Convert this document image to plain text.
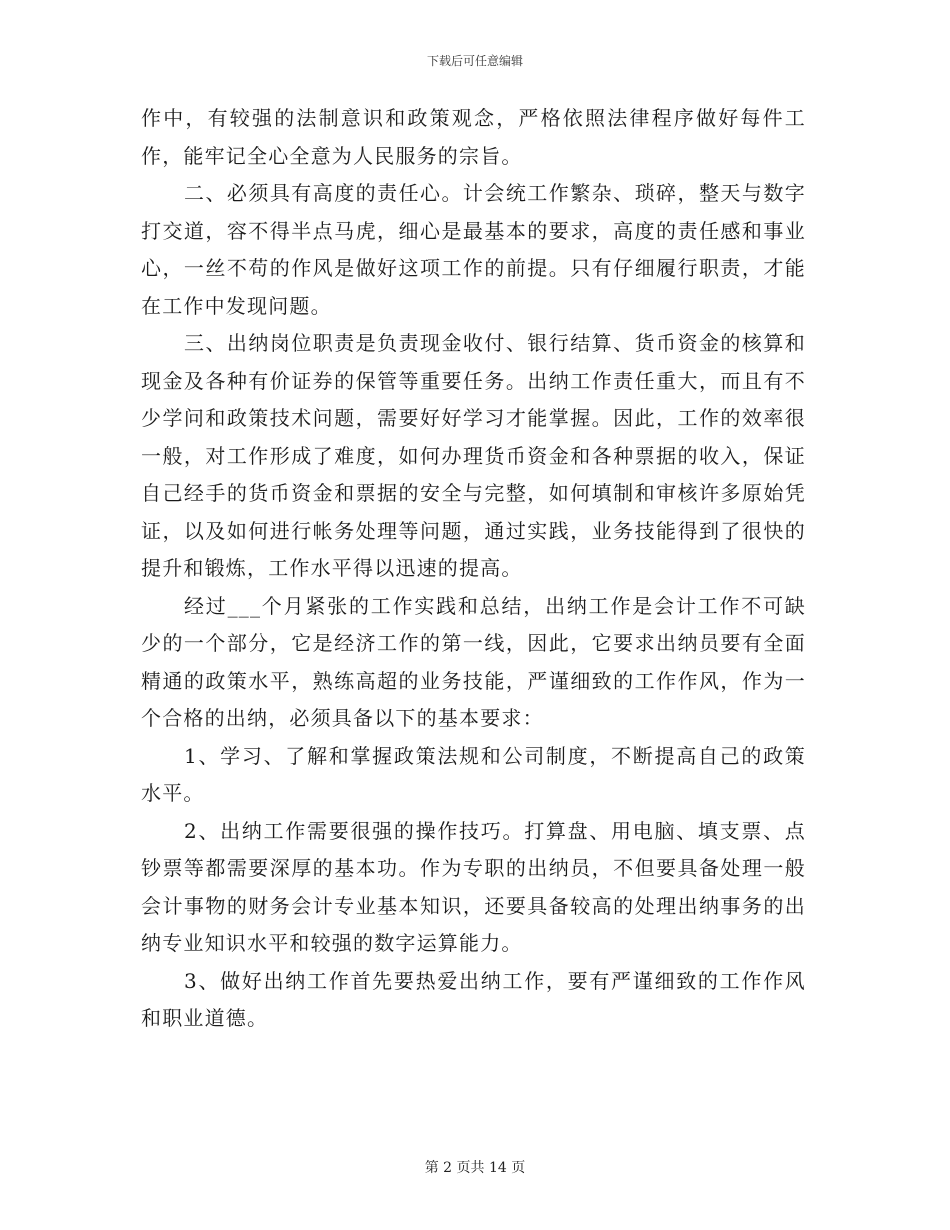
下载后可任意编辑

作中，有较强的法制意识和政策观念，严格依照法律程序做好每件工作，能牢记全心全意为人民服务的宗旨。

二、必须具有高度的责任心。计会统工作繁杂、琐碎，整天与数字打交道，容不得半点马虎，细心是最基本的要求，高度的责任感和事业心，一丝不苟的作风是做好这项工作的前提。只有仔细履行职责，才能在工作中发现问题。

三、出纳岗位职责是负责现金收付、银行结算、货币资金的核算和现金及各种有价证券的保管等重要任务。出纳工作责任重大，而且有不少学问和政策技术问题，需要好好学习才能掌握。因此，工作的效率很一般，对工作形成了难度，如何办理货币资金和各种票据的收入，保证自己经手的货币资金和票据的安全与完整，如何填制和审核许多原始凭证，以及如何进行帐务处理等问题，通过实践，业务技能得到了很快的提升和锻炼，工作水平得以迅速的提高。

经过___个月紧张的工作实践和总结，出纳工作是会计工作不可缺少的一个部分，它是经济工作的第一线，因此，它要求出纳员要有全面精通的政策水平，熟练高超的业务技能，严谨细致的工作作风，作为一个合格的出纳，必须具备以下的基本要求：

1、学习、了解和掌握政策法规和公司制度，不断提高自己的政策水平。

2、出纳工作需要很强的操作技巧。打算盘、用电脑、填支票、点钞票等都需要深厚的基本功。作为专职的出纳员，不但要具备处理一般会计事物的财务会计专业基本知识，还要具备较高的处理出纳事务的出纳专业知识水平和较强的数字运算能力。

3、做好出纳工作首先要热爱出纳工作，要有严谨细致的工作作风和职业道德。

第 2 页共 14 页
